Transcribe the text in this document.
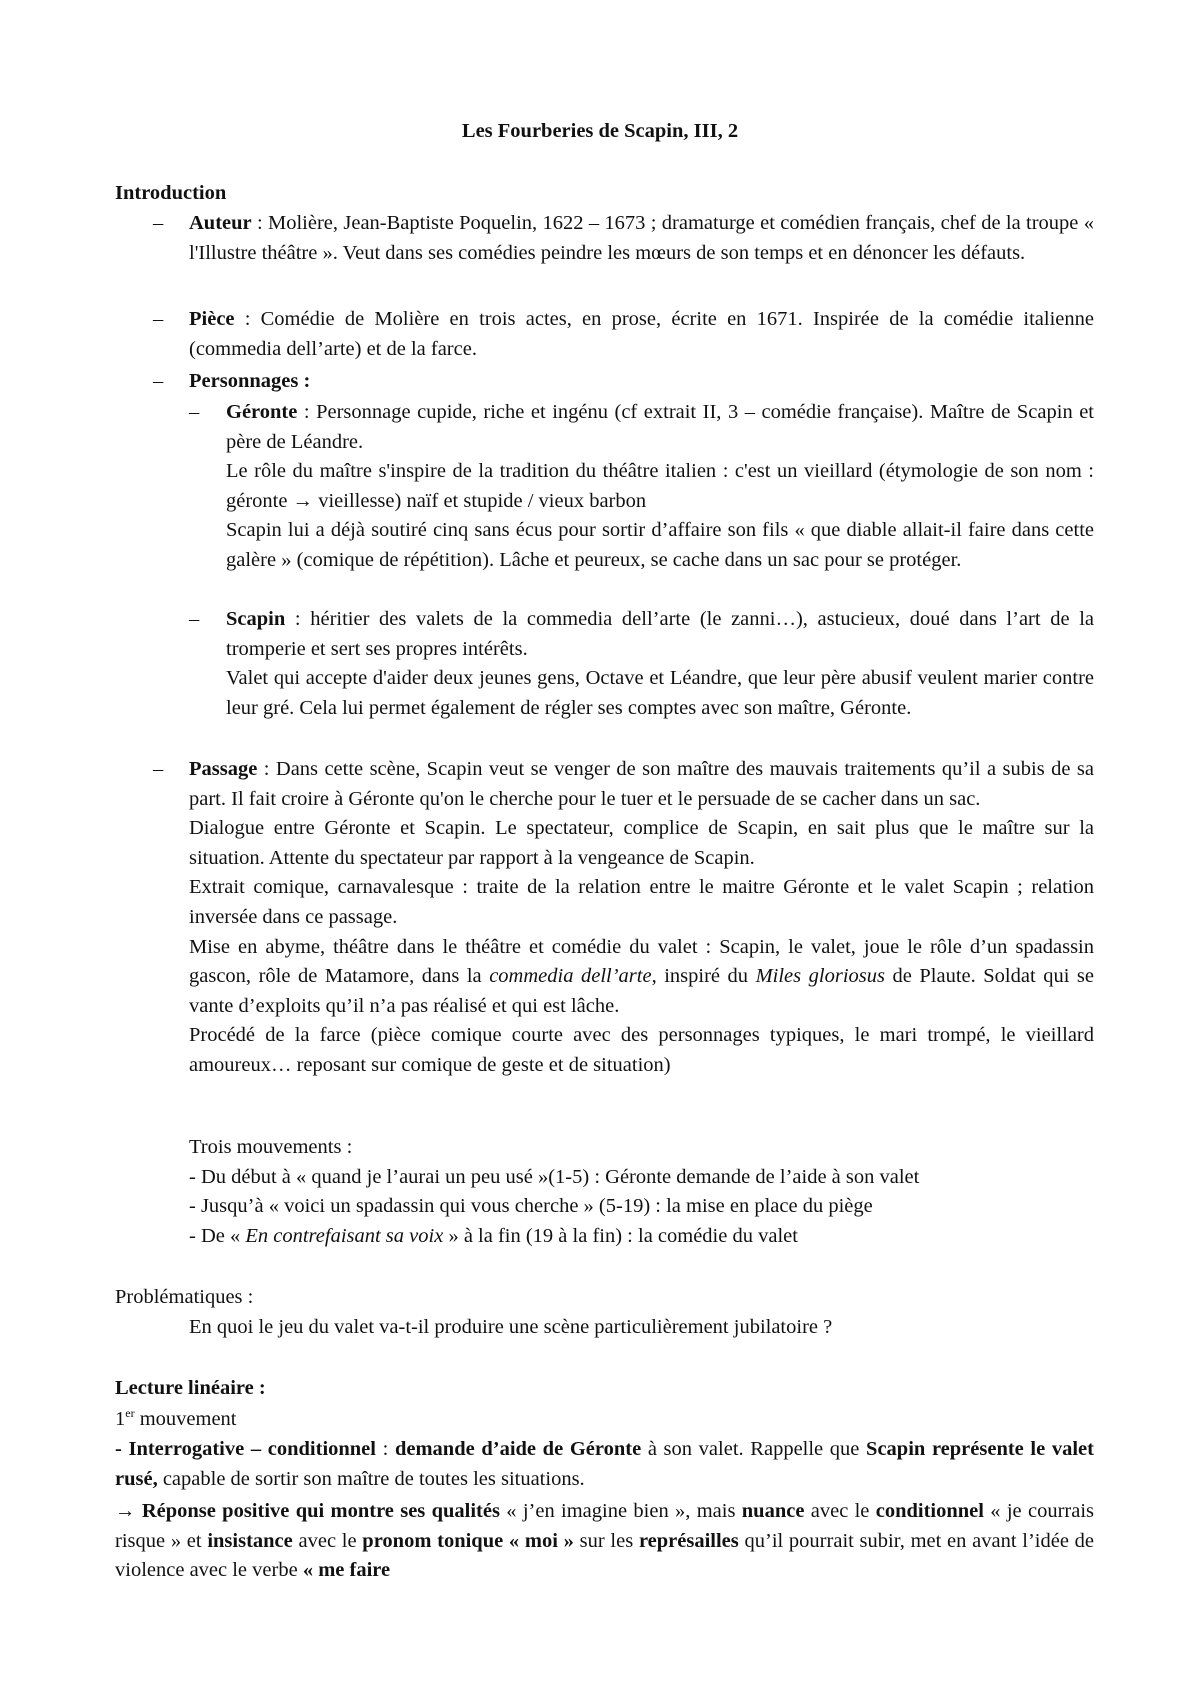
Les Fourberies de Scapin, III, 2
Introduction
– Auteur : Molière, Jean-Baptiste Poquelin, 1622 – 1673 ; dramaturge et comédien français, chef de la troupe « l'Illustre théâtre ». Veut dans ses comédies peindre les mœurs de son temps et en dénoncer les défauts.
– Pièce : Comédie de Molière en trois actes, en prose, écrite en 1671. Inspirée de la comédie italienne (commedia dell’arte) et de la farce.
– Personnages :
– Géronte : Personnage cupide, riche et ingénu (cf extrait II, 3 – comédie française). Maître de Scapin et père de Léandre.
Le rôle du maître s'inspire de la tradition du théâtre italien : c'est un vieillard (étymologie de son nom : géronte → vieillesse) naïf et stupide / vieux barbon
Scapin lui a déjà soutiré cinq sans écus pour sortir d’affaire son fils « que diable allait-il faire dans cette galère » (comique de répétition). Lâche et peureux, se cache dans un sac pour se protéger.
– Scapin : héritier des valets de la commedia dell’arte (le zanni…), astucieux, doué dans l’art de la tromperie et sert ses propres intérêts.
Valet qui accepte d'aider deux jeunes gens, Octave et Léandre, que leur père abusif veulent marier contre leur gré. Cela lui permet également de régler ses comptes avec son maître, Géronte.
– Passage : Dans cette scène, Scapin veut se venger de son maître des mauvais traitements qu’il a subis de sa part. Il fait croire à Géronte qu'on le cherche pour le tuer et le persuade de se cacher dans un sac.
Dialogue entre Géronte et Scapin. Le spectateur, complice de Scapin, en sait plus que le maître sur la situation. Attente du spectateur par rapport à la vengeance de Scapin.
Extrait comique, carnavalesque : traite de la relation entre le maitre Géronte et le valet Scapin ; relation inversée dans ce passage.
Mise en abyme, théâtre dans le théâtre et comédie du valet : Scapin, le valet, joue le rôle d’un spadassin gascon, rôle de Matamore, dans la commedia dell’arte, inspiré du Miles gloriosus de Plaute. Soldat qui se vante d’exploits qu’il n’a pas réalisé et qui est lâche.
Procédé de la farce (pièce comique courte avec des personnages typiques, le mari trompé, le vieillard amoureux… reposant sur comique de geste et de situation)
Trois mouvements :
- Du début à « quand je l’aurai un peu usé »(1-5) : Géronte demande de l’aide à son valet
- Jusqu’à « voici un spadassin qui vous cherche » (5-19) : la mise en place du piège
- De « En contrefaisant sa voix » à la fin (19 à la fin) : la comédie du valet
Problématiques :
En quoi le jeu du valet va-t-il produire une scène particulièrement jubilatoire ?
Lecture linéaire :
1er mouvement
- Interrogative – conditionnel : demande d’aide de Géronte à son valet. Rappelle que Scapin représente le valet rusé, capable de sortir son maître de toutes les situations.
→ Réponse positive qui montre ses qualités « j’en imagine bien », mais nuance avec le conditionnel « je courrais risque » et insistance avec le pronom tonique « moi » sur les représailles qu’il pourrait subir, met en avant l’idée de violence avec le verbe « me faire
